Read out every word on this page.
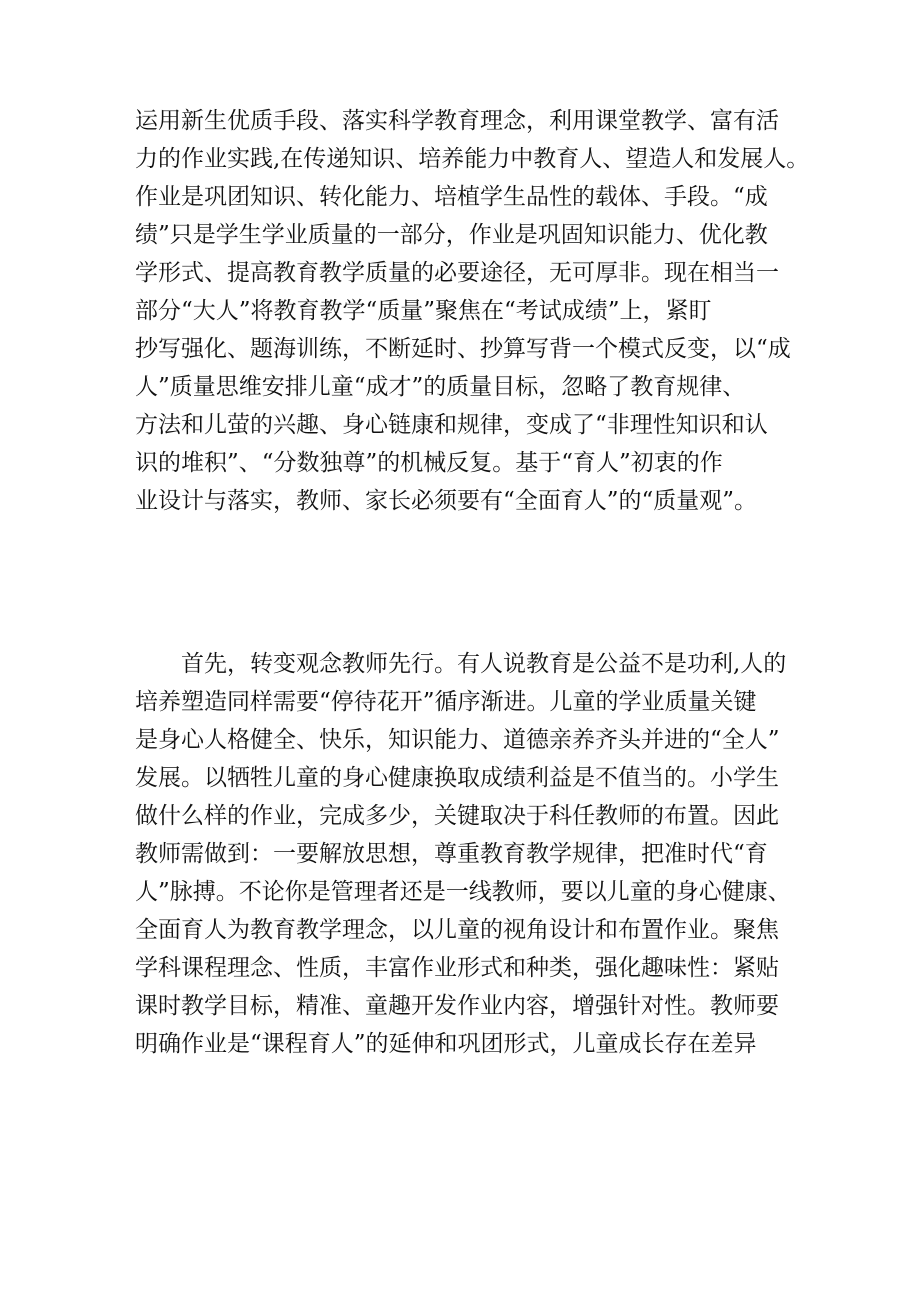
运用新生优质手段、落实科学教育理念，利用课堂教学、富有活
力的作业实践,在传递知识、培养能力中教育人、望造人和发展人。
作业是巩团知识、转化能力、培植学生品性的载体、手段。“成
绩”只是学生学业质量的一部分，作业是巩固知识能力、优化教
学形式、提高教育教学质量的必要途径，无可厚非。现在相当一
部分“大人”将教育教学“质量”聚焦在“考试成绩”上，紧盯
抄写强化、题海训练，不断延时、抄算写背一个模式反变，以“成
人”质量思维安排儿童“成才”的质量目标，忽略了教育规律、
方法和儿萤的兴趣、身心链康和规律，变成了“非理性知识和认
识的堆积”、“分数独尊”的机械反复。基于“育人”初衷的作
业设计与落实，教师、家长必须要有“全面育人”的“质量观”。
首先，转变观念教师先行。有人说教育是公益不是功利,人的
培养塑造同样需要“停待花开”循序渐进。儿童的学业质量关键
是身心人格健全、快乐，知识能力、道德亲养齐头并进的“全人”
发展。以牺牲儿童的身心健康换取成绩利益是不值当的。小学生
做什么样的作业，完成多少，关键取决于科任教师的布置。因此
教师需做到：一要解放思想，尊重教育教学规律，把准时代“育
人”脉搏。不论你是管理者还是一线教师，要以儿童的身心健康、
全面育人为教育教学理念，以儿童的视角设计和布置作业。聚焦
学科课程理念、性质，丰富作业形式和种类，强化趣味性：紧贴
课时教学目标，精准、童趣开发作业内容，增强针对性。教师要
明确作业是“课程育人”的延伸和巩团形式，儿童成长存在差异
